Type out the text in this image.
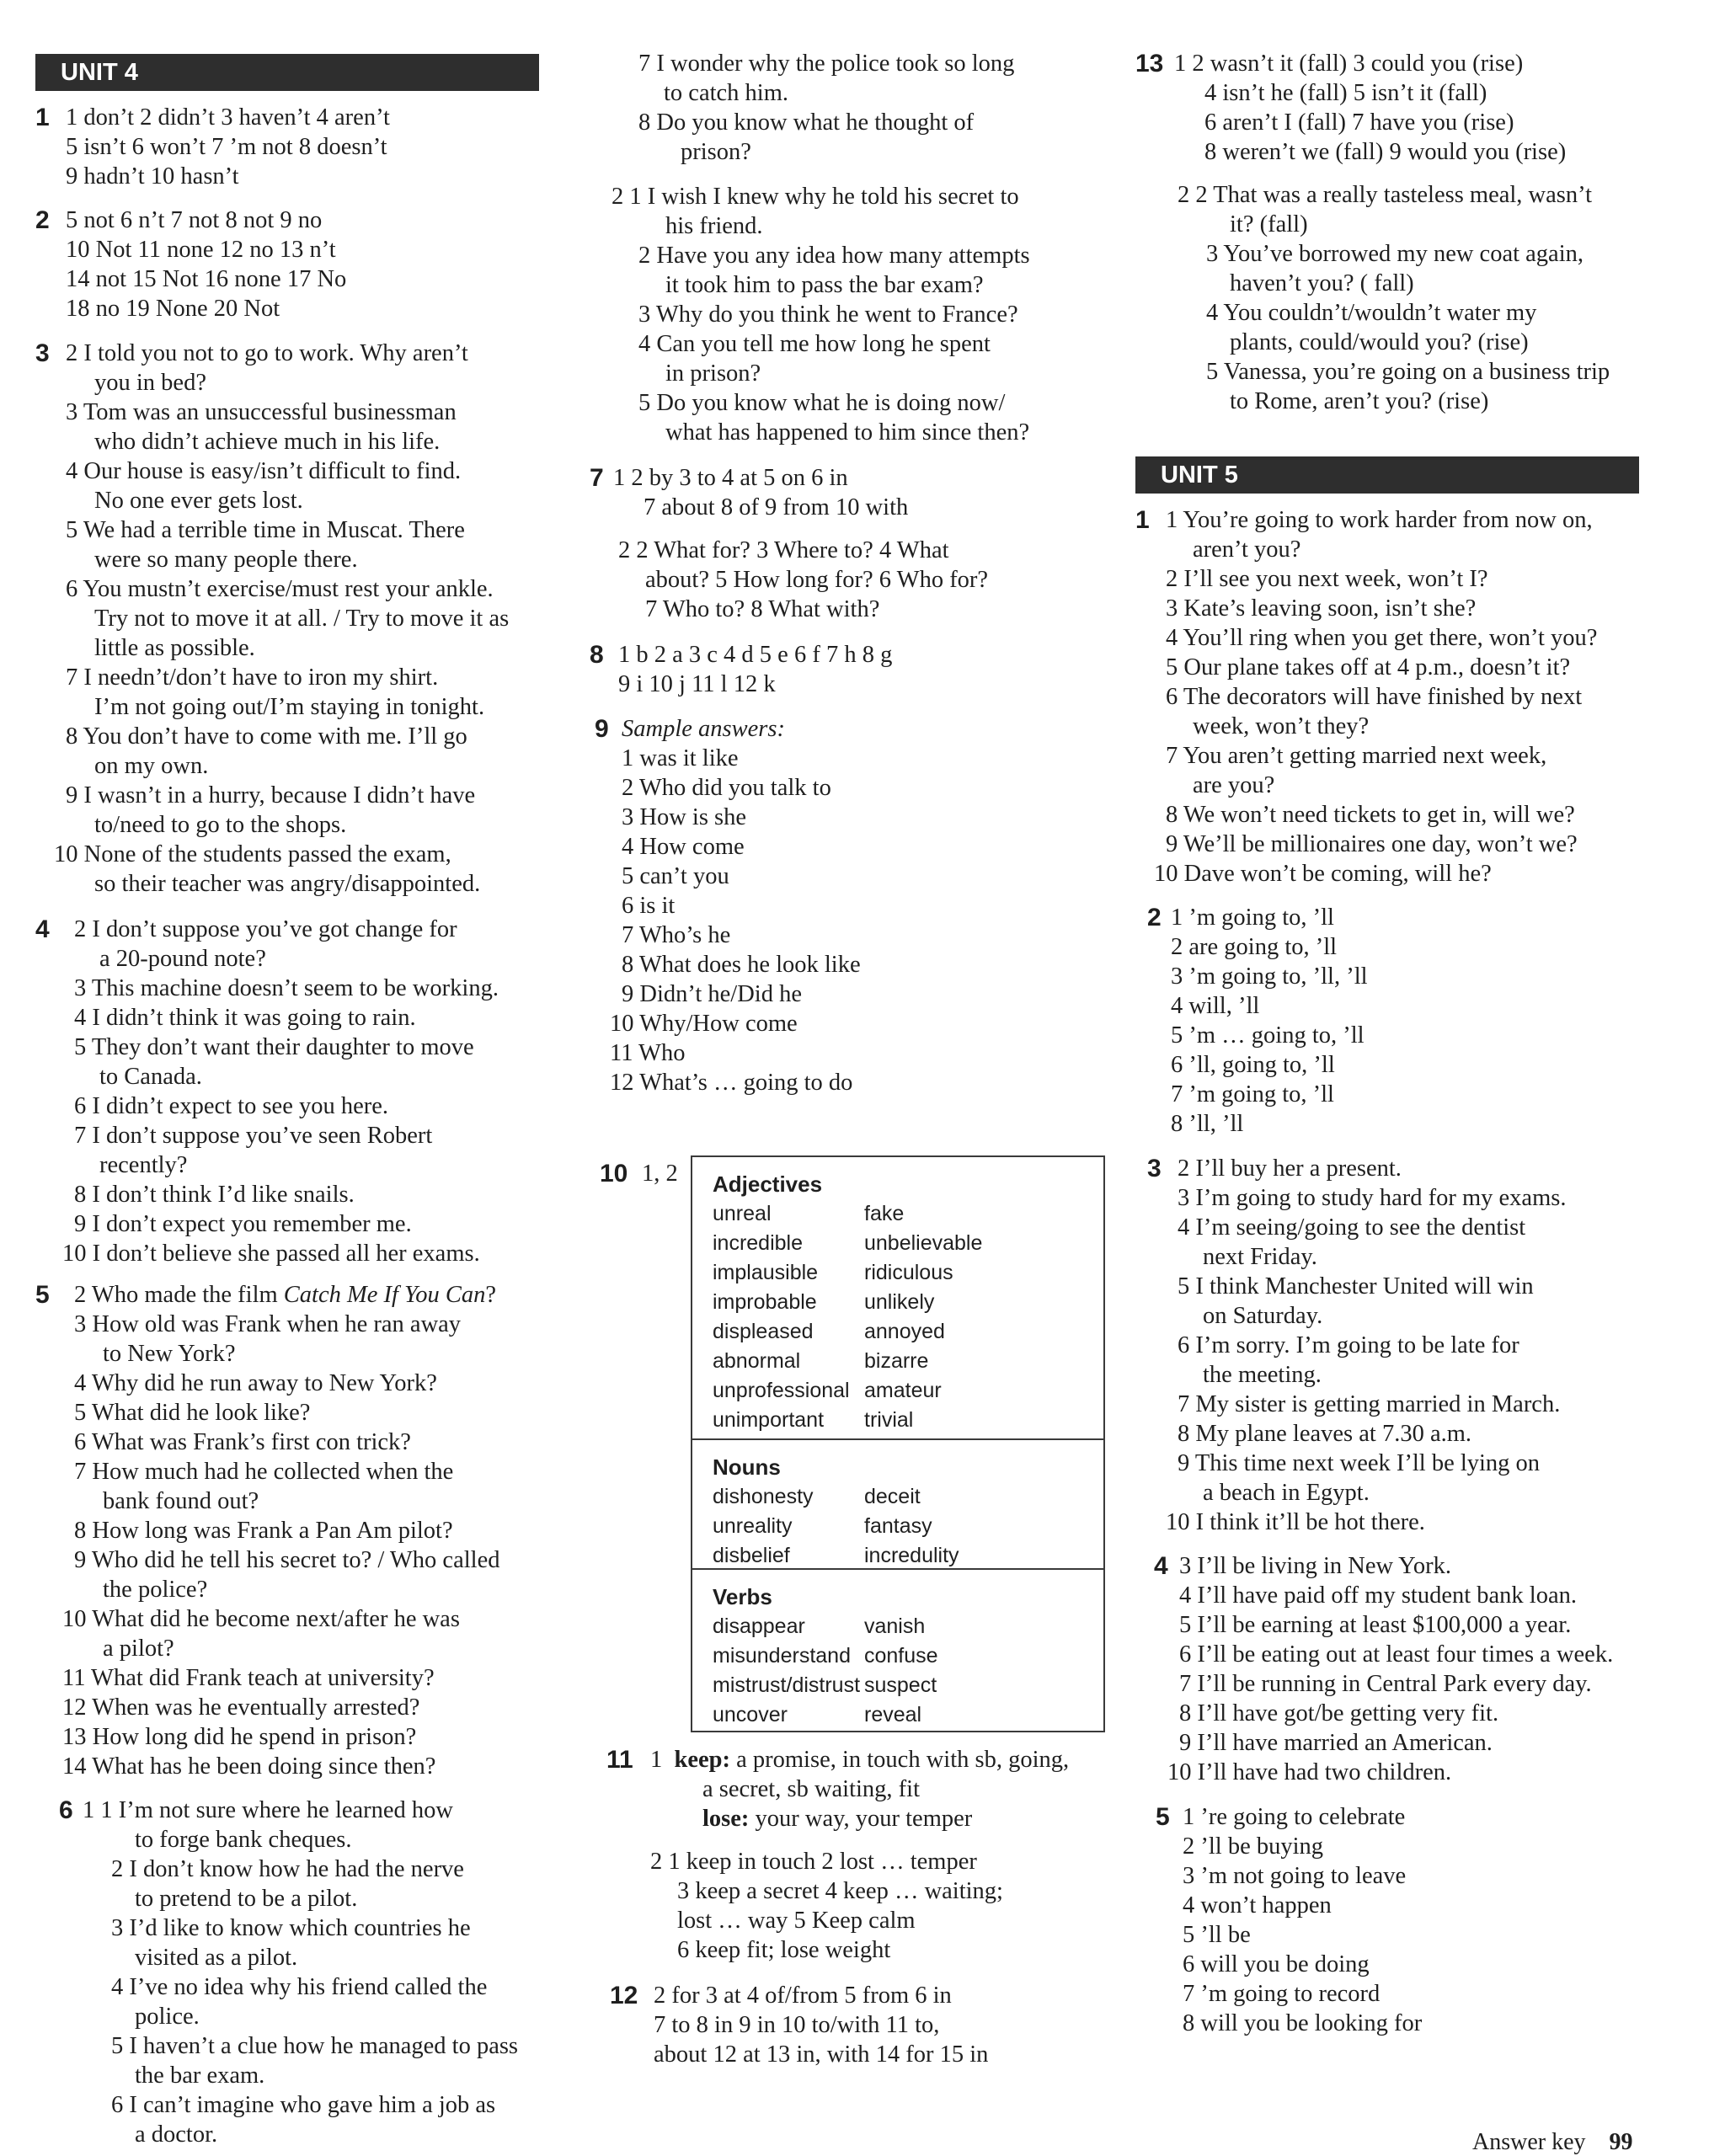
UNIT 4
1 1 don’t 2 didn’t 3 haven’t 4 aren’t
5 isn’t 6 won’t 7 ’m not 8 doesn’t
9 hadn’t 10 hasn’t
2 5 not 6 n’t 7 not 8 not 9 no
10 Not 11 none 12 no 13 n’t
14 not 15 Not 16 none 17 No
18 no 19 None 20 Not
3 2 I told you not to go to work. Why aren’t
you in bed?
3 Tom was an unsuccessful businessman
who didn’t achieve much in his life.
4 Our house is easy/isn’t difficult to find.
No one ever gets lost.
5 We had a terrible time in Muscat. There
were so many people there.
6 You mustn’t exercise/must rest your ankle.
Try not to move it at all. / Try to move it as
little as possible.
7 I needn’t/don’t have to iron my shirt.
I’m not going out/I’m staying in tonight.
8 You don’t have to come with me. I’ll go
on my own.
9 I wasn’t in a hurry, because I didn’t have
to/need to go to the shops.
10 None of the students passed the exam,
so their teacher was angry/disappointed.
4	2 I don’t suppose you’ve got change for
a 20-pound note?
3 This machine doesn’t seem to be working.
4 I didn’t think it was going to rain.
5 They don’t want their daughter to move
to Canada.
6 I didn’t expect to see you here.
7 I don’t suppose you’ve seen Robert
recently?
8 I don’t think I’d like snails.
9 I don’t expect you remember me.
10 I don’t believe she passed all her exams.
5	2 Who made the film Catch Me If You Can?
3 How old was Frank when he ran away
to New York?
4 Why did he run away to New York?
5 What did he look like?
6 What was Frank’s first con trick?
7 How much had he collected when the
bank found out?
8 How long was Frank a Pan Am pilot?
9 Who did he tell his secret to? / Who called
the police?
10 What did he become next/after he was
a pilot?
11 What did Frank teach at university?
12 When was he eventually arrested?
13 How long did he spend in prison?
14 What has he been doing since then?
6 1 1 I’m not sure where he learned how
to forge bank cheques.
2 I don’t know how he had the nerve
to pretend to be a pilot.
3 I’d like to know which countries he
visited as a pilot.
4 I’ve no idea why his friend called the
police.
5 I haven’t a clue how he managed to pass
the bar exam.
6 I can’t imagine who gave him a job as
a doctor.
7 I wonder why the police took so long
to catch him.
8 Do you know what he thought of
prison?
2 1 I wish I knew why he told his secret to
his friend.
2 Have you any idea how many attempts
it took him to pass the bar exam?
3 Why do you think he went to France?
4 Can you tell me how long he spent
in prison?
5 Do you know what he is doing now/
what has happened to him since then?
7 1 2 by 3 to 4 at 5 on 6 in
7 about 8 of 9 from 10 with
2 2 What for? 3 Where to? 4 What
about? 5 How long for? 6 Who for?
7 Who to? 8 What with?
8 1 b 2 a 3 c 4 d 5 e 6 f 7 h 8 g
9 i 10 j 11 l 12 k
9 Sample answers:
1 was it like
2 Who did you talk to
3 How is she
4 How come
5 can’t you
6 is it
7 Who’s he
8 What does he look like
9 Didn’t he/Did he
10 Why/How come
11 Who
12 What’s … going to do
10 1, 2	Adjectives
unreal	fake
incredible	unbelievable
implausible ridiculous
improbable unlikely
displeased annoyed
abnormal	bizarre
unprofessional amateur
unimportant trivial
Nouns
dishonesty deceit
unreality	fantasy
disbelief	incredulity
Verbs
disappear	vanish
misunderstand confuse
mistrust/distrust suspect
uncover	reveal
11 1  keep: a promise, in touch with sb, going,
a secret, sb waiting, fit
lose: your way, your temper
2 1 keep in touch 2 lost … temper
3 keep a secret 4 keep … waiting;
lost … way 5 Keep calm
6 keep fit; lose weight
12 2 for 3 at 4 of/from 5 from 6 in
7 to 8 in 9 in 10 to/with 11 to,
about 12 at 13 in, with 14 for 15 in
13 1 2 wasn’t it (fall) 3 could you (rise)
4 isn’t he (fall) 5 isn’t it (fall)
6 aren’t I (fall) 7 have you (rise)
8 weren’t we (fall) 9 would you (rise)
2 2 That was a really tasteless meal, wasn’t
it? (fall)
3 You’ve borrowed my new coat again,
haven’t you? ( fall)
4 You couldn’t/wouldn’t water my
plants, could/would you? (rise)
5 Vanessa, you’re going on a business trip
to Rome, aren’t you? (rise)
UNIT 5
1 1 You’re going to work harder from now on,
aren’t you?
2 I’ll see you next week, won’t I?
3 Kate’s leaving soon, isn’t she?
4 You’ll ring when you get there, won’t you?
5 Our plane takes off at 4 p.m., doesn’t it?
6 The decorators will have finished by next
week, won’t they?
7 You aren’t getting married next week,
are you?
8 We won’t need tickets to get in, will we?
9 We’ll be millionaires one day, won’t we?
10 Dave won’t be coming, will he?
2 1 ’m going to, ’ll
2 are going to, ’ll
3 ’m going to, ’ll, ’ll
4 will, ’ll
5 ’m … going to, ’ll
6 ’ll, going to, ’ll
7 ’m going to, ’ll
8 ’ll, ’ll
3 2 I’ll buy her a present.
3 I’m going to study hard for my exams.
4 I’m seeing/going to see the dentist
next Friday.
5 I think Manchester United will win
on Saturday.
6 I’m sorry. I’m going to be late for
the meeting.
7 My sister is getting married in March.
8 My plane leaves at 7.30 a.m.
9 This time next week I’ll be lying on
a beach in Egypt.
10 I think it’ll be hot there.
4 3 I’ll be living in New York.
4 I’ll have paid off my student bank loan.
5 I’ll be earning at least $100,000 a year.
6 I’ll be eating out at least four times a week.
7 I’ll be running in Central Park every day.
8 I’ll have got/be getting very fit.
9 I’ll have married an American.
10 I’ll have had two children.
5 1 ’re going to celebrate
2 ’ll be buying
3 ’m not going to leave
4 won’t happen
5 ’ll be
6 will you be doing
7 ’m going to record
8 will you be looking for
Answer key 99
